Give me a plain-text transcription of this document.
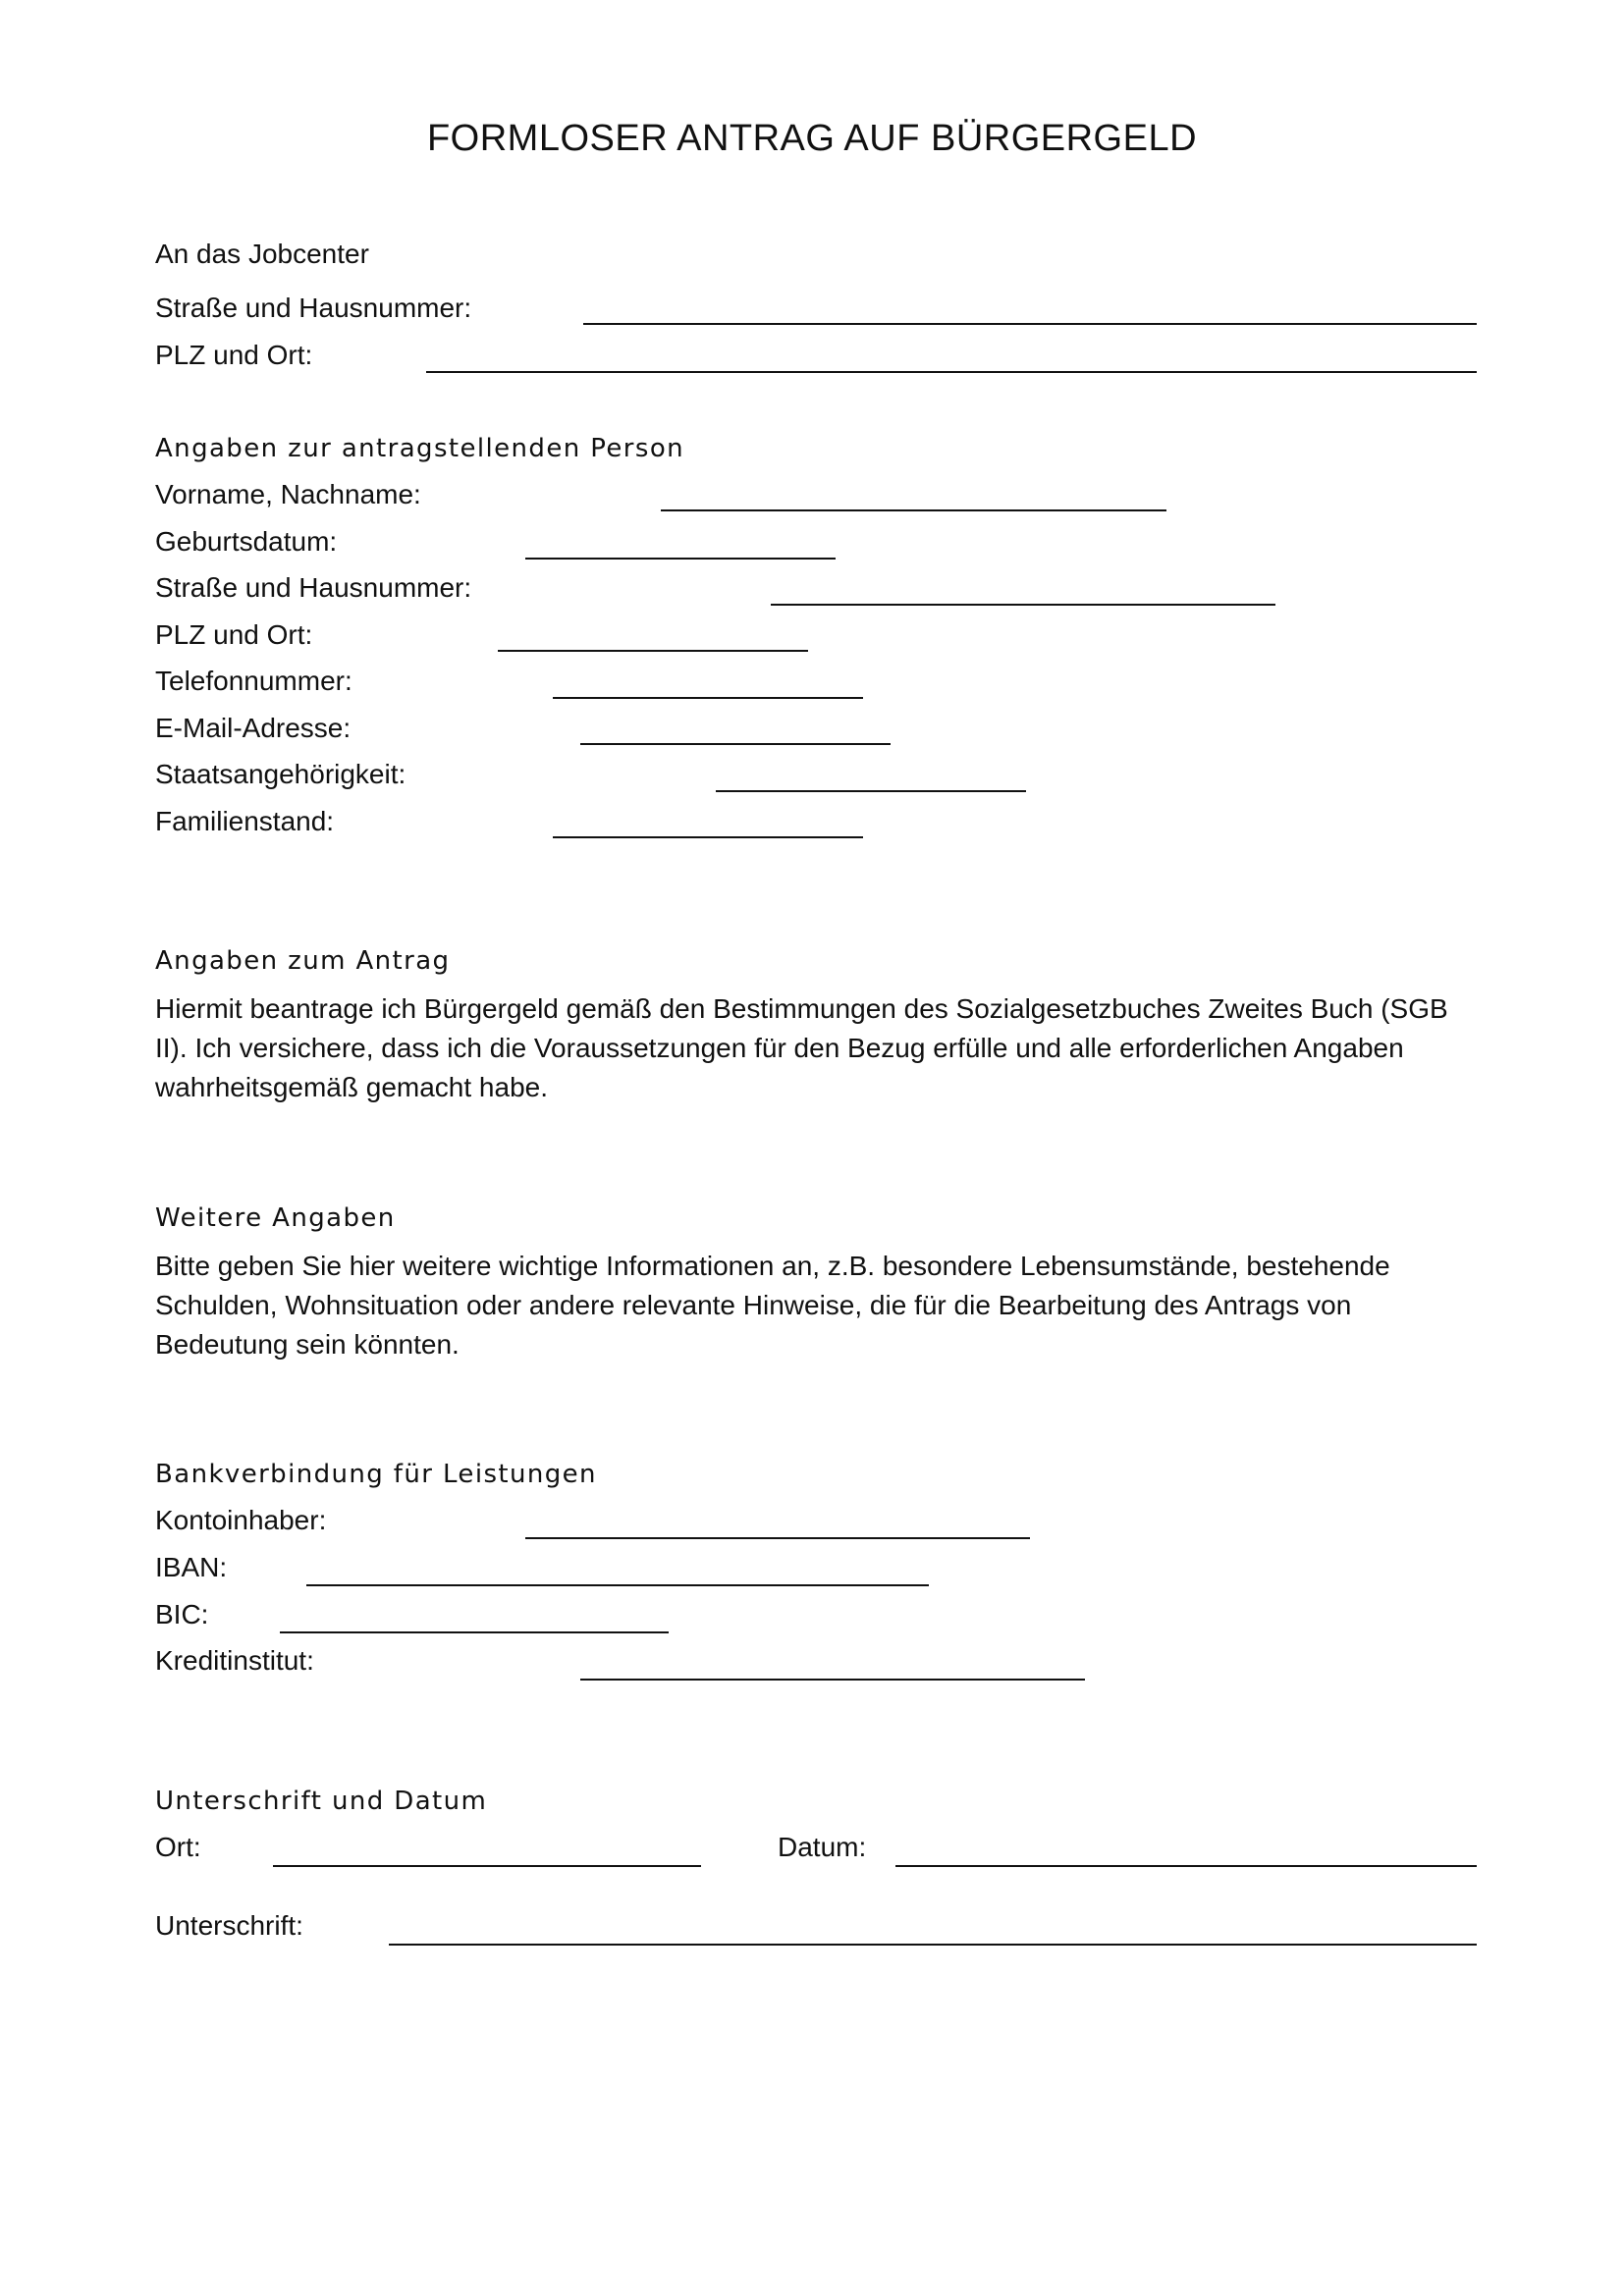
FORMLOSER ANTRAG AUF BÜRGERGELD
An das Jobcenter
Straße und Hausnummer:
PLZ und Ort:
Angaben zur antragstellenden Person
Vorname, Nachname:
Geburtsdatum:
Straße und Hausnummer:
PLZ und Ort:
Telefonnummer:
E-Mail-Adresse:
Staatsangehörigkeit:
Familienstand:
Angaben zum Antrag
Hiermit beantrage ich Bürgergeld gemäß den Bestimmungen des Sozialgesetzbuches Zweites Buch (SGB II). Ich versichere, dass ich die Voraussetzungen für den Bezug erfülle und alle erforderlichen Angaben wahrheitsgemäß gemacht habe.
Weitere Angaben
Bitte geben Sie hier weitere wichtige Informationen an, z.B. besondere Lebensumstände, bestehende Schulden, Wohnsituation oder andere relevante Hinweise, die für die Bearbeitung des Antrags von Bedeutung sein könnten.
Bankverbindung für Leistungen
Kontoinhaber:
IBAN:
BIC:
Kreditinstitut:
Unterschrift und Datum
Ort:	Datum:
Unterschrift:
